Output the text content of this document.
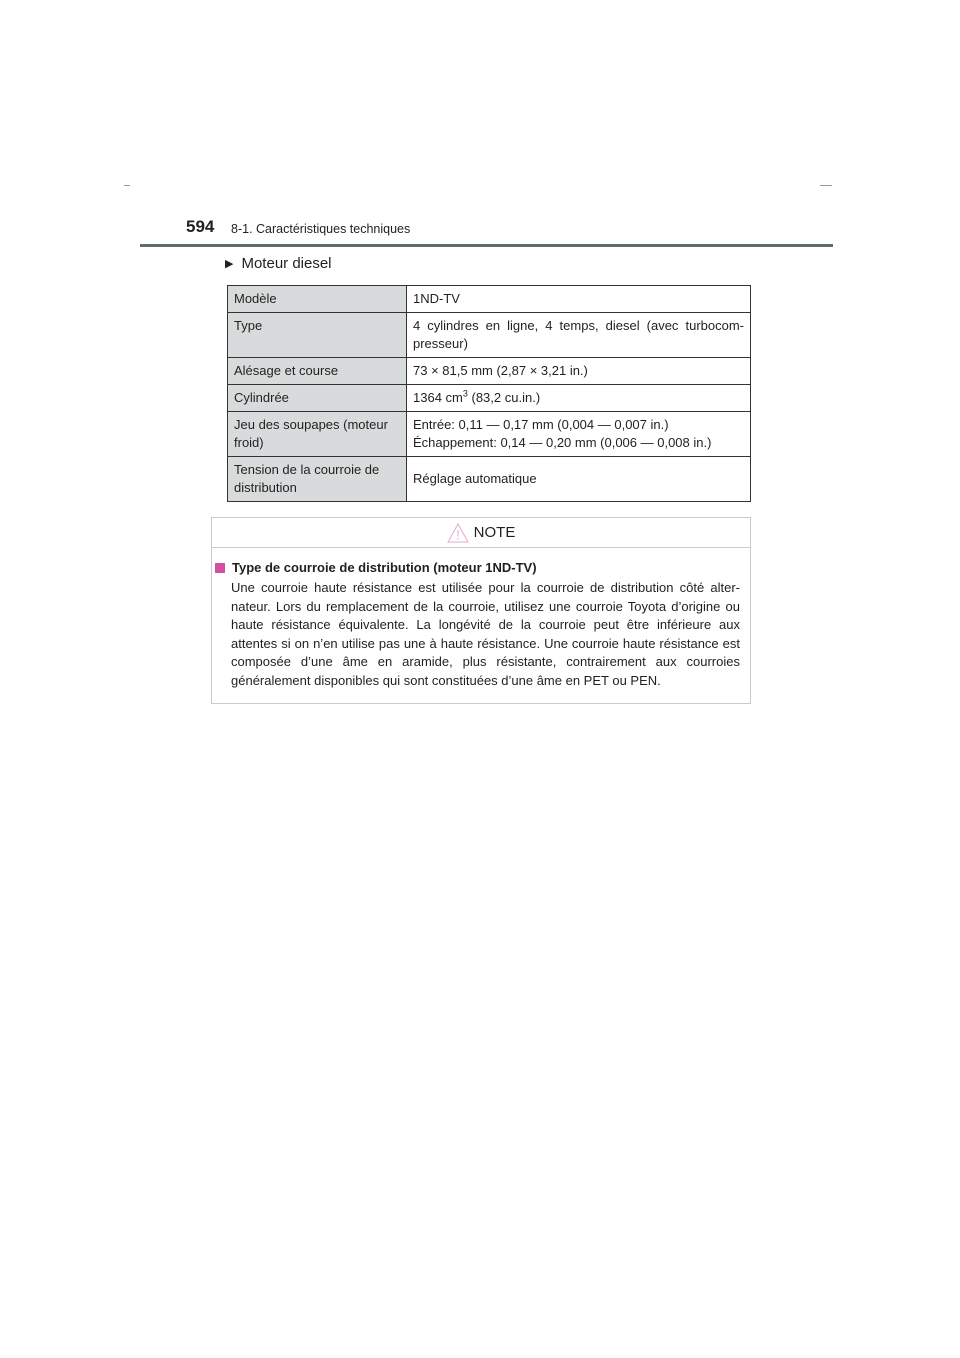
594 8-1. Caractéristiques techniques
▶ Moteur diesel
Modèle	1ND-TV
Type	4 cylindres en ligne, 4 temps, diesel (avec turbocom-presseur)
Alésage et course	73 × 81,5 mm (2,87 × 3,21 in.)
Cylindrée	1364 $cm^3$ (83,2 cu.in.)
Jeu des soupapes (moteur froid)	Entrée: 0,11 — 0,17 mm (0,004 — 0,007 in.)
Échappement: 0,14 — 0,20 mm (0,006 — 0,008 in.)

Tension de la courroie de distribution	Réglage automatique
NOTE
Type de courroie de distribution (moteur 1ND-TV)
Une courroie haute résistance est utilisée pour la courroie de distribution côté alter-nateur. Lors du remplacement de la courroie, utilisez une courroie Toyota d’origine ou haute résistance équivalente. La longévité de la courroie peut être inférieure aux attentes si on n’en utilise pas une à haute résistance. Une courroie haute résistance est composée d’une âme en aramide, plus résistante, contrairement aux courroies généralement disponibles qui sont constituées d’une âme en PET ou PEN.
